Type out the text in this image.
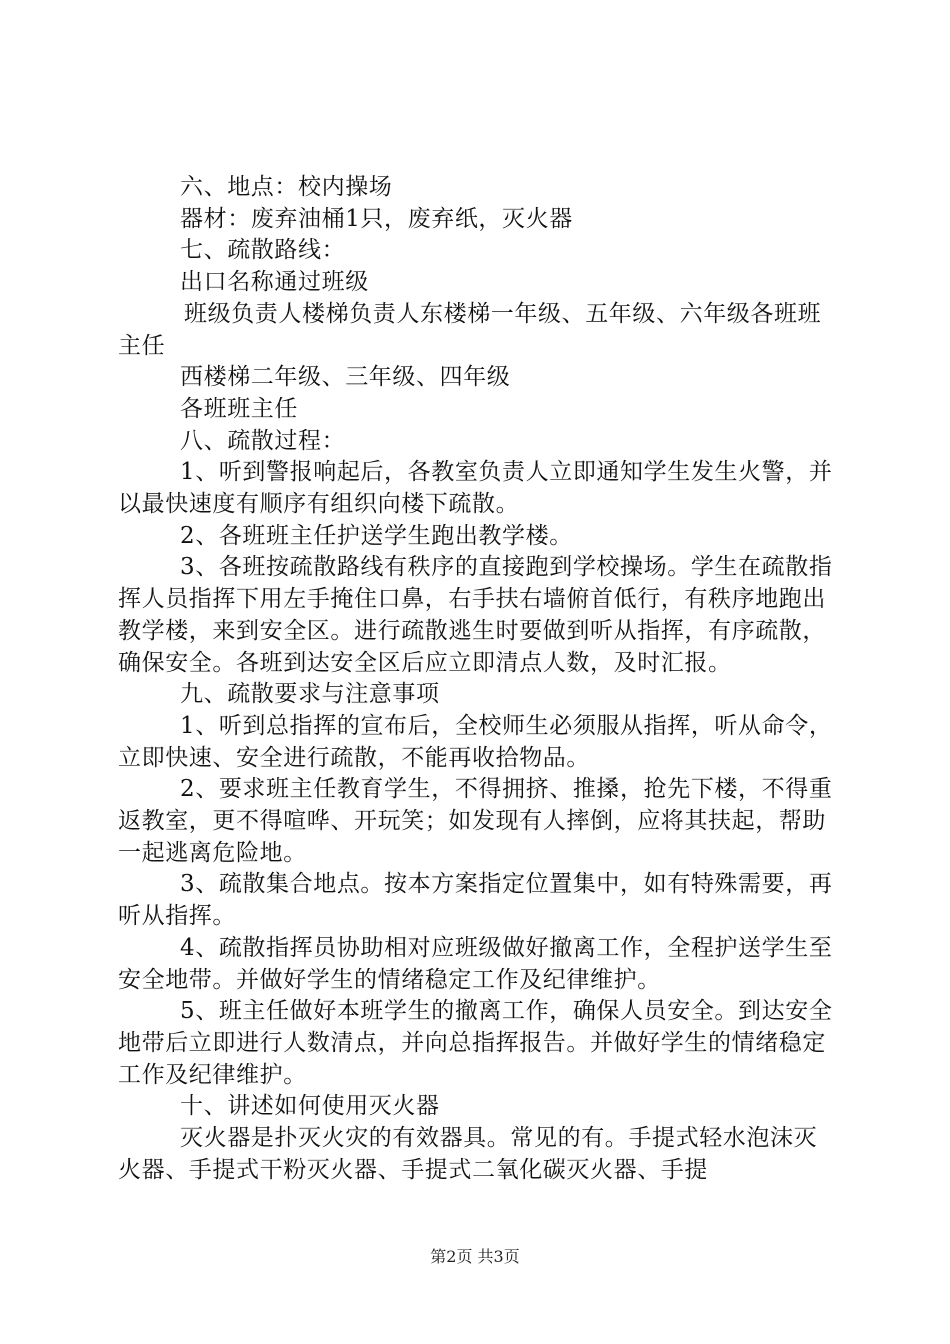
六、地点：校内操场

器材：废弃油桶1只，废弃纸，灭火器

七、疏散路线：

出口名称通过班级

班级负责人楼梯负责人东楼梯一年级、五年级、六年级各班班主任

西楼梯二年级、三年级、四年级

各班班主任

八、疏散过程：

1、听到警报响起后，各教室负责人立即通知学生发生火警，并以最快速度有顺序有组织向楼下疏散。

2、各班班主任护送学生跑出教学楼。

3、各班按疏散路线有秩序的直接跑到学校操场。学生在疏散指挥人员指挥下用左手掩住口鼻，右手扶右墙俯首低行，有秩序地跑出教学楼，来到安全区。进行疏散逃生时要做到听从指挥，有序疏散，确保安全。各班到达安全区后应立即清点人数，及时汇报。

九、疏散要求与注意事项

1、听到总指挥的宣布后，全校师生必须服从指挥，听从命令，立即快速、安全进行疏散，不能再收拾物品。

2、要求班主任教育学生，不得拥挤、推搡，抢先下楼，不得重返教室，更不得喧哗、开玩笑；如发现有人摔倒，应将其扶起，帮助一起逃离危险地。

3、疏散集合地点。按本方案指定位置集中，如有特殊需要，再听从指挥。

4、疏散指挥员协助相对应班级做好撤离工作，全程护送学生至安全地带。并做好学生的情绪稳定工作及纪律维护。

5、班主任做好本班学生的撤离工作，确保人员安全。到达安全地带后立即进行人数清点，并向总指挥报告。并做好学生的情绪稳定工作及纪律维护。

十、讲述如何使用灭火器

灭火器是扑灭火灾的有效器具。常见的有。手提式轻水泡沫灭火器、手提式干粉灭火器、手提式二氧化碳灭火器、手提

第2页 共3页
